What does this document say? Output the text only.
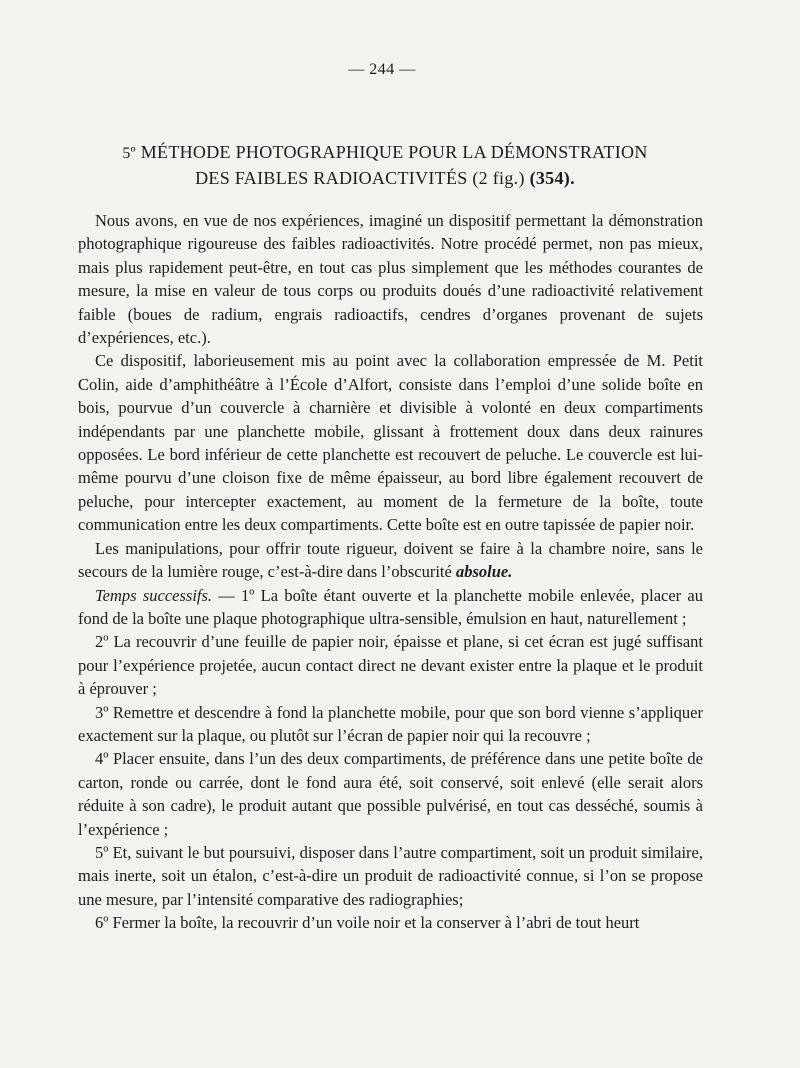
— 244 —
5º MÉTHODE PHOTOGRAPHIQUE POUR LA DÉMONSTRATION
DES FAIBLES RADIOACTIVITÉS (2 fig.) (354).

Nous avons, en vue de nos expériences, imaginé un dispositif permettant la démonstration photographique rigoureuse des faibles radioactivités. Notre procédé permet, non pas mieux, mais plus rapidement peut-être, en tout cas plus simplement que les méthodes courantes de mesure, la mise en valeur de tous corps ou produits doués d’une radioactivité relativement faible (boues de radium, engrais radioactifs, cendres d’organes provenant de sujets d’expériences, etc.).

Ce dispositif, laborieusement mis au point avec la collaboration empressée de M. Petit Colin, aide d’amphithéâtre à l’École d’Alfort, consiste dans l’emploi d’une solide boîte en bois, pourvue d’un couvercle à charnière et divisible à volonté en deux compartiments indépendants par une planchette mobile, glissant à frottement doux dans deux rainures opposées. Le bord inférieur de cette planchette est recouvert de peluche. Le couvercle est lui-même pourvu d’une cloison fixe de même épaisseur, au bord libre également recouvert de peluche, pour intercepter exactement, au moment de la fermeture de la boîte, toute communication entre les deux compartiments. Cette boîte est en outre tapissée de papier noir.

Les manipulations, pour offrir toute rigueur, doivent se faire à la chambre noire, sans le secours de la lumière rouge, c’est-à-dire dans l’obscurité absolue.

Temps successifs. — 1º La boîte étant ouverte et la planchette mobile enlevée, placer au fond de la boîte une plaque photographique ultra-sensible, émulsion en haut, naturellement ;

2º La recouvrir d’une feuille de papier noir, épaisse et plane, si cet écran est jugé suffisant pour l’expérience projetée, aucun contact direct ne devant exister entre la plaque et le produit à éprouver ;

3º Remettre et descendre à fond la planchette mobile, pour que son bord vienne s’appliquer exactement sur la plaque, ou plutôt sur l’écran de papier noir qui la recouvre ;

4º Placer ensuite, dans l’un des deux compartiments, de préférence dans une petite boîte de carton, ronde ou carrée, dont le fond aura été, soit conservé, soit enlevé (elle serait alors réduite à son cadre), le produit autant que possible pulvérisé, en tout cas desséché, soumis à l’expérience ;

5º Et, suivant le but poursuivi, disposer dans l’autre compartiment, soit un produit similaire, mais inerte, soit un étalon, c’est-à-dire un produit de radioactivité connue, si l’on se propose une mesure, par l’intensité comparative des radiographies;

6º Fermer la boîte, la recouvrir d’un voile noir et la conserver à l’abri de tout heurt
